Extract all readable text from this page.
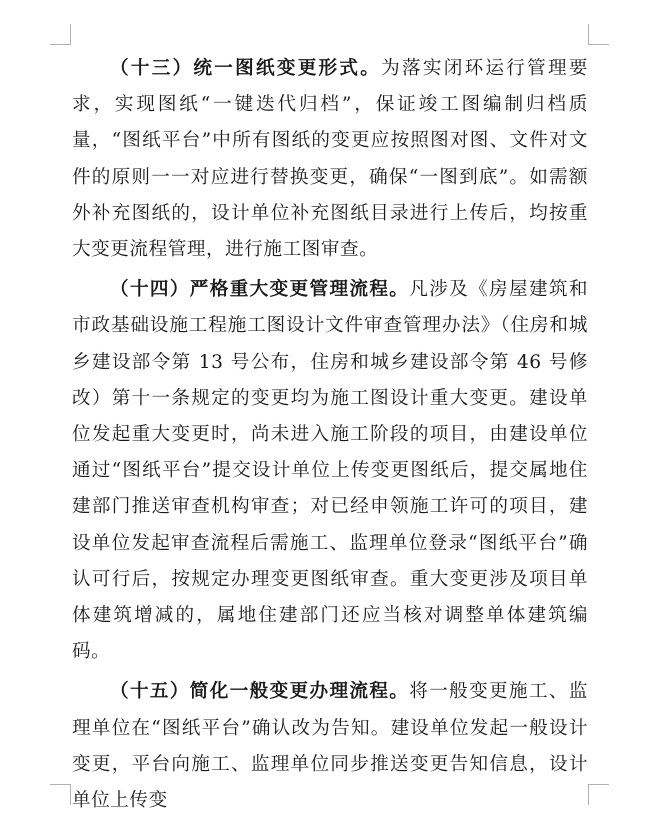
（十三）统一图纸变更形式。为落实闭环运行管理要求，实现图纸“一键迭代归档”，保证竣工图编制归档质量，“图纸平台”中所有图纸的变更应按照图对图、文件对文件的原则一一对应进行替换变更，确保“一图到底”。如需额外补充图纸的，设计单位补充图纸目录进行上传后，均按重大变更流程管理，进行施工图审查。

（十四）严格重大变更管理流程。凡涉及《房屋建筑和市政基础设施工程施工图设计文件审查管理办法》（住房和城乡建设部令第 13 号公布，住房和城乡建设部令第 46 号修改）第十一条规定的变更均为施工图设计重大变更。建设单位发起重大变更时，尚未进入施工阶段的项目，由建设单位通过“图纸平台”提交设计单位上传变更图纸后，提交属地住建部门推送审查机构审查；对已经申领施工许可的项目，建设单位发起审查流程后需施工、监理单位登录“图纸平台”确认可行后，按规定办理变更图纸审查。重大变更涉及项目单体建筑增减的，属地住建部门还应当核对调整单体建筑编码。

（十五）简化一般变更办理流程。将一般变更施工、监理单位在“图纸平台”确认改为告知。建设单位发起一般设计变更，平台向施工、监理单位同步推送变更告知信息，设计单位上传变
